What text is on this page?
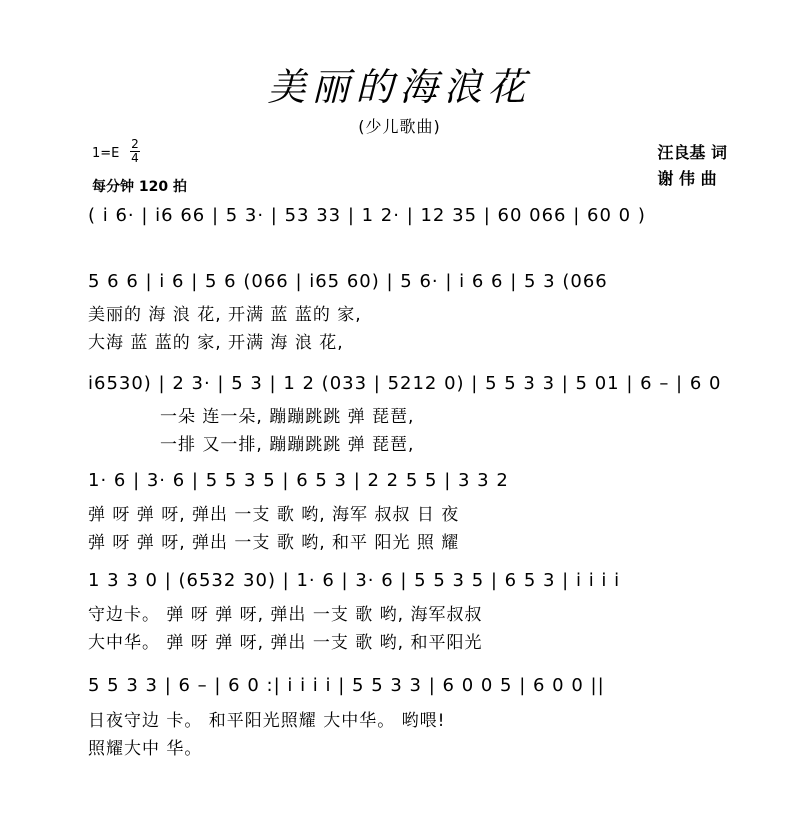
美丽的海浪花
(少儿歌曲)
汪良基 词
谢 伟 曲
1=E
2
4
每分钟 120 拍
( i 6· | i6 66 | 5 3· | 53 33 | 1 2· | 12 35 | 60 066 | 60 0 )
5 6 6 | i 6 | 5 6 (066 | i65 60) | 5 6· | i 6 6 | 5 3 (066
美丽的 海 浪 花, 开满 蓝 蓝的 家,
大海 蓝 蓝的 家, 开满 海 浪 花,
i6530) | 2 3· | 5 3 | 1 2 (033 | 5212 0) | 5 5 3 3 | 5 01 | 6 – | 6 0
一朵 连一朵, 蹦蹦跳跳 弹 琵琶,
一排 又一排, 蹦蹦跳跳 弹 琵琶,
1· 6 | 3· 6 | 5 5 3 5 | 6 5 3 | 2 2 5 5 | 3 3 2
弹 呀 弹 呀, 弹出 一支 歌 哟, 海军 叔叔 日 夜
弹 呀 弹 呀, 弹出 一支 歌 哟, 和平 阳光 照 耀
1 3 3 0 | (6532 30) | 1· 6 | 3· 6 | 5 5 3 5 | 6 5 3 | i i i i
守边卡。 弹 呀 弹 呀, 弹出 一支 歌 哟, 海军叔叔
大中华。 弹 呀 弹 呀, 弹出 一支 歌 哟, 和平阳光
5 5 3 3 | 6 – | 6 0 :| i i i i | 5 5 3 3 | 6 0 0 5 | 6 0 0 ||
日夜守边 卡。 和平阳光照耀 大中华。 哟喂!
照耀大中 华。
